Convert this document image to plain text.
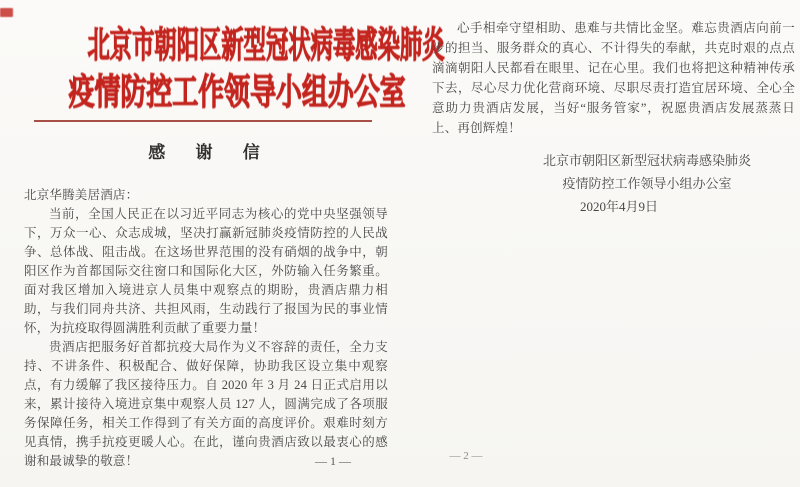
北京市朝阳区新型冠状病毒感染肺炎
疫情防控工作领导小组办公室
感 谢 信

北京华腾美居酒店：

当前，全国人民正在以习近平同志为核心的党中央坚强领导下，万众一心、众志成城，坚决打赢新冠肺炎疫情防控的人民战争、总体战、阻击战。在这场世界范围的没有硝烟的战争中，朝阳区作为首都国际交往窗口和国际化大区，外防输入任务繁重。面对我区增加入境进京人员集中观察点的期盼，贵酒店鼎力相助，与我们同舟共济、共担风雨，生动践行了报国为民的事业情怀，为抗疫取得圆满胜利贡献了重要力量！

贵酒店把服务好首都抗疫大局作为义不容辞的责任，全力支持、不讲条件、积极配合、做好保障，协助我区设立集中观察点，有力缓解了我区接待压力。自 2020 年 3 月 24 日正式启用以来，累计接待入境进京集中观察人员 127 人，圆满完成了各项服务保障任务，相关工作得到了有关方面的高度评价。艰难时刻方见真情，携手抗疫更暖人心。在此，谨向贵酒店致以最衷心的感谢和最诚挚的敬意！	— 1 —

心手相牵守望相助、患难与共情比金坚。难忘贵酒店向前一步的担当、服务群众的真心、不计得失的奉献，共克时艰的点点滴滴朝阳人民都看在眼里、记在心里。我们也将把这种精神传承下去，尽心尽力优化营商环境、尽职尽责打造宜居环境、全心全意助力贵酒店发展，当好“服务管家”，祝愿贵酒店发展蒸蒸日上、再创辉煌！

北京市朝阳区新型冠状病毒感染肺炎
疫情防控工作领导小组办公室
2020年4月9日
— 2 —
